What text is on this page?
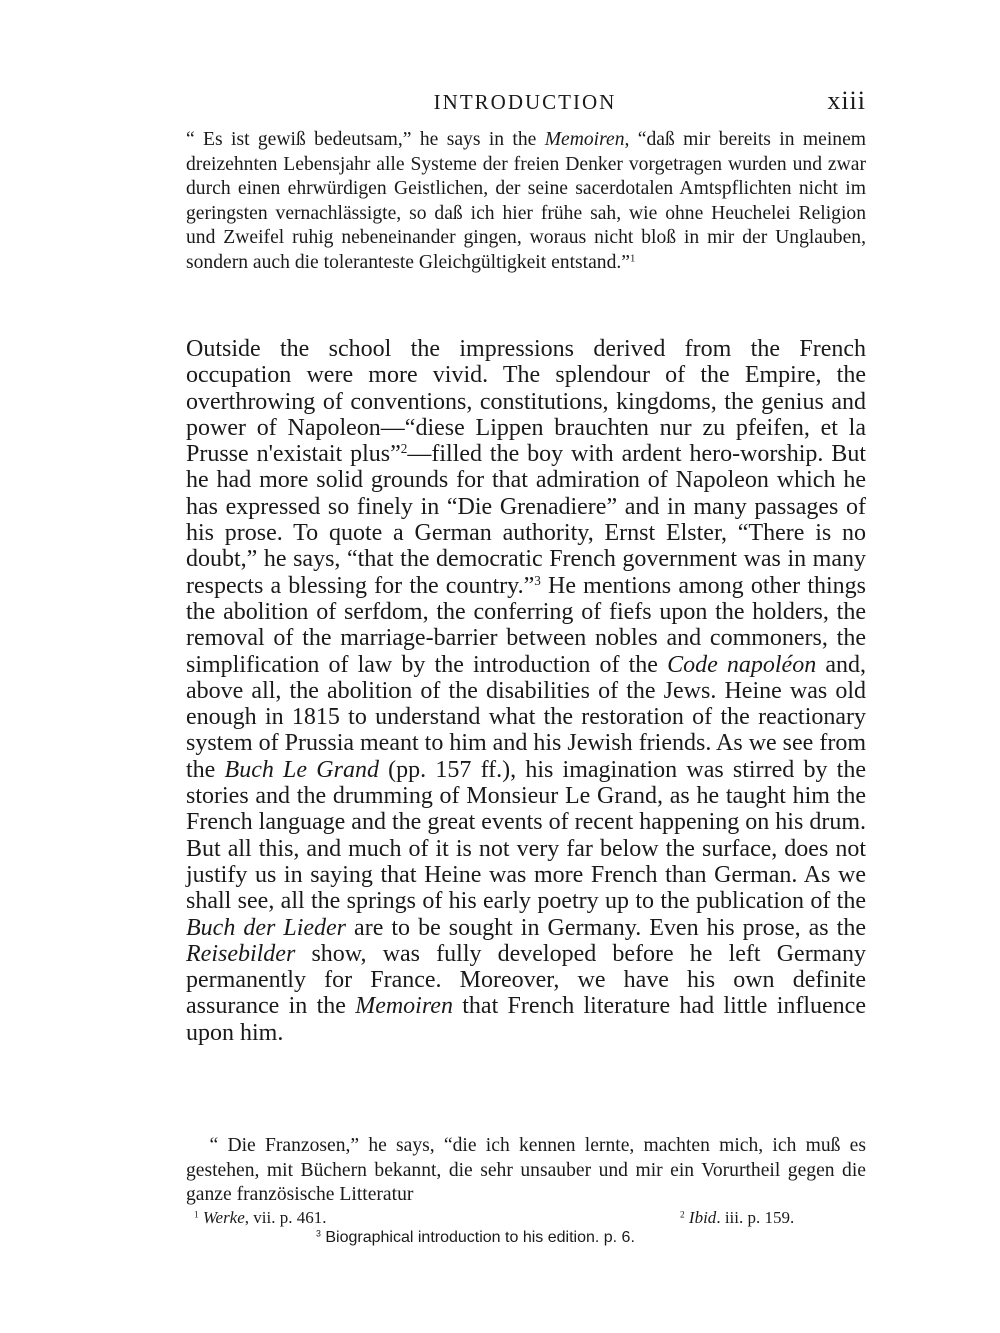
INTRODUCTION	xiii

“ Es ist gewiß bedeutsam,” he says in the Memoiren, “daß mir bereits in meinem dreizehnten Lebensjahr alle Systeme der freien Denker vorgetragen wurden und zwar durch einen ehrwürdigen Geistlichen, der seine sacerdotalen Amtspflichten nicht im geringsten vernachlässigte, so daß ich hier frühe sah, wie ohne Heuchelei Religion und Zweifel ruhig nebeneinander gingen, woraus nicht bloß in mir der Unglauben, sondern auch die toleranteste Gleichgültigkeit entstand.”$^1$

Outside the school the impressions derived from the French occupation were more vivid. The splendour of the Empire, the overthrowing of conventions, constitutions, kingdoms, the genius and power of Napoleon—“diese Lippen brauchten nur zu pfeifen, et la Prusse n'existait plus”$^2$—filled the boy with ardent hero-worship. But he had more solid grounds for that admiration of Napoleon which he has expressed so finely in “Die Grenadiere” and in many passages of his prose. To quote a German authority, Ernst Elster, “There is no doubt,” he says, “that the democratic French government was in many respects a blessing for the country.”$^3$ He mentions among other things the abolition of serfdom, the conferring of fiefs upon the holders, the removal of the marriage-barrier between nobles and commoners, the simplification of law by the introduction of the Code napoléon and, above all, the abolition of the disabilities of the Jews. Heine was old enough in 1815 to understand what the restoration of the reactionary system of Prussia meant to him and his Jewish friends. As we see from the Buch Le Grand (pp. 157 ff.), his imagination was stirred by the stories and the drumming of Monsieur Le Grand, as he taught him the French language and the great events of recent happening on his drum. But all this, and much of it is not very far below the surface, does not justify us in saying that Heine was more French than German. As we shall see, all the springs of his early poetry up to the publication of the Buch der Lieder are to be sought in Germany. Even his prose, as the Reisebilder show, was fully developed before he left Germany permanently for France. Moreover, we have his own definite assurance in the Memoiren that French literature had little influence upon him.

“ Die Franzosen,” he says, “die ich kennen lernte, machten mich, ich muß es gestehen, mit Büchern bekannt, die sehr unsauber und mir ein Vorurtheil gegen die ganze französische Litteratur

$^1$ Werke, vii. p. 461.	$^2$ Ibid. iii. p. 159.
$^3$ Biographical introduction to his edition. p. 6.
